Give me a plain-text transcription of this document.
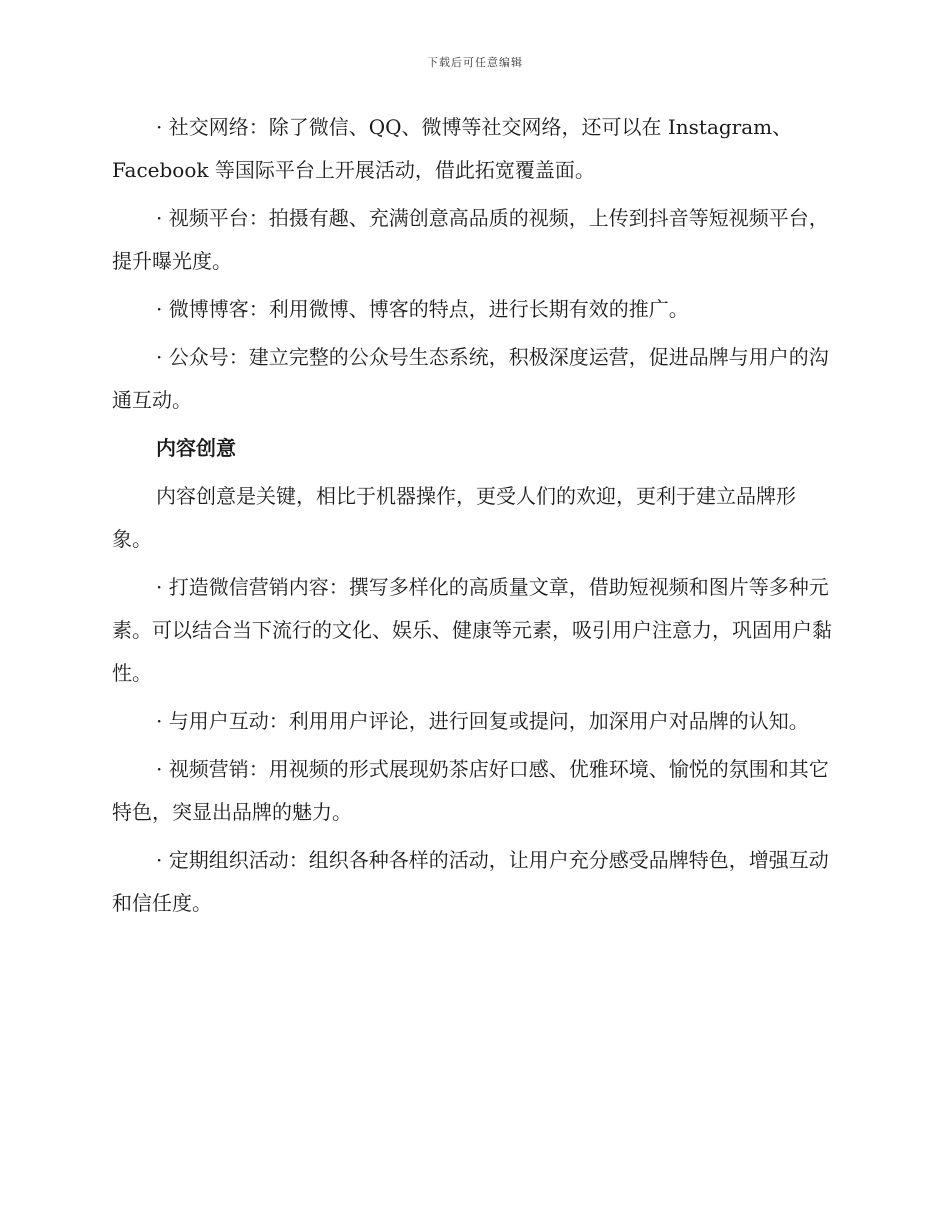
下载后可任意编辑

· 社交网络：除了微信、QQ、微博等社交网络，还可以在 Instagram、Facebook 等国际平台上开展活动，借此拓宽覆盖面。

· 视频平台：拍摄有趣、充满创意高品质的视频，上传到抖音等短视频平台，提升曝光度。

· 微博博客：利用微博、博客的特点，进行长期有效的推广。

· 公众号：建立完整的公众号生态系统，积极深度运营，促进品牌与用户的沟通互动。

内容创意

内容创意是关键，相比于机器操作，更受人们的欢迎，更利于建立品牌形象。

· 打造微信营销内容：撰写多样化的高质量文章，借助短视频和图片等多种元素。可以结合当下流行的文化、娱乐、健康等元素，吸引用户注意力，巩固用户黏性。

· 与用户互动：利用用户评论，进行回复或提问，加深用户对品牌的认知。

· 视频营销：用视频的形式展现奶茶店好口感、优雅环境、愉悦的氛围和其它特色，突显出品牌的魅力。

· 定期组织活动：组织各种各样的活动，让用户充分感受品牌特色，增强互动和信任度。
